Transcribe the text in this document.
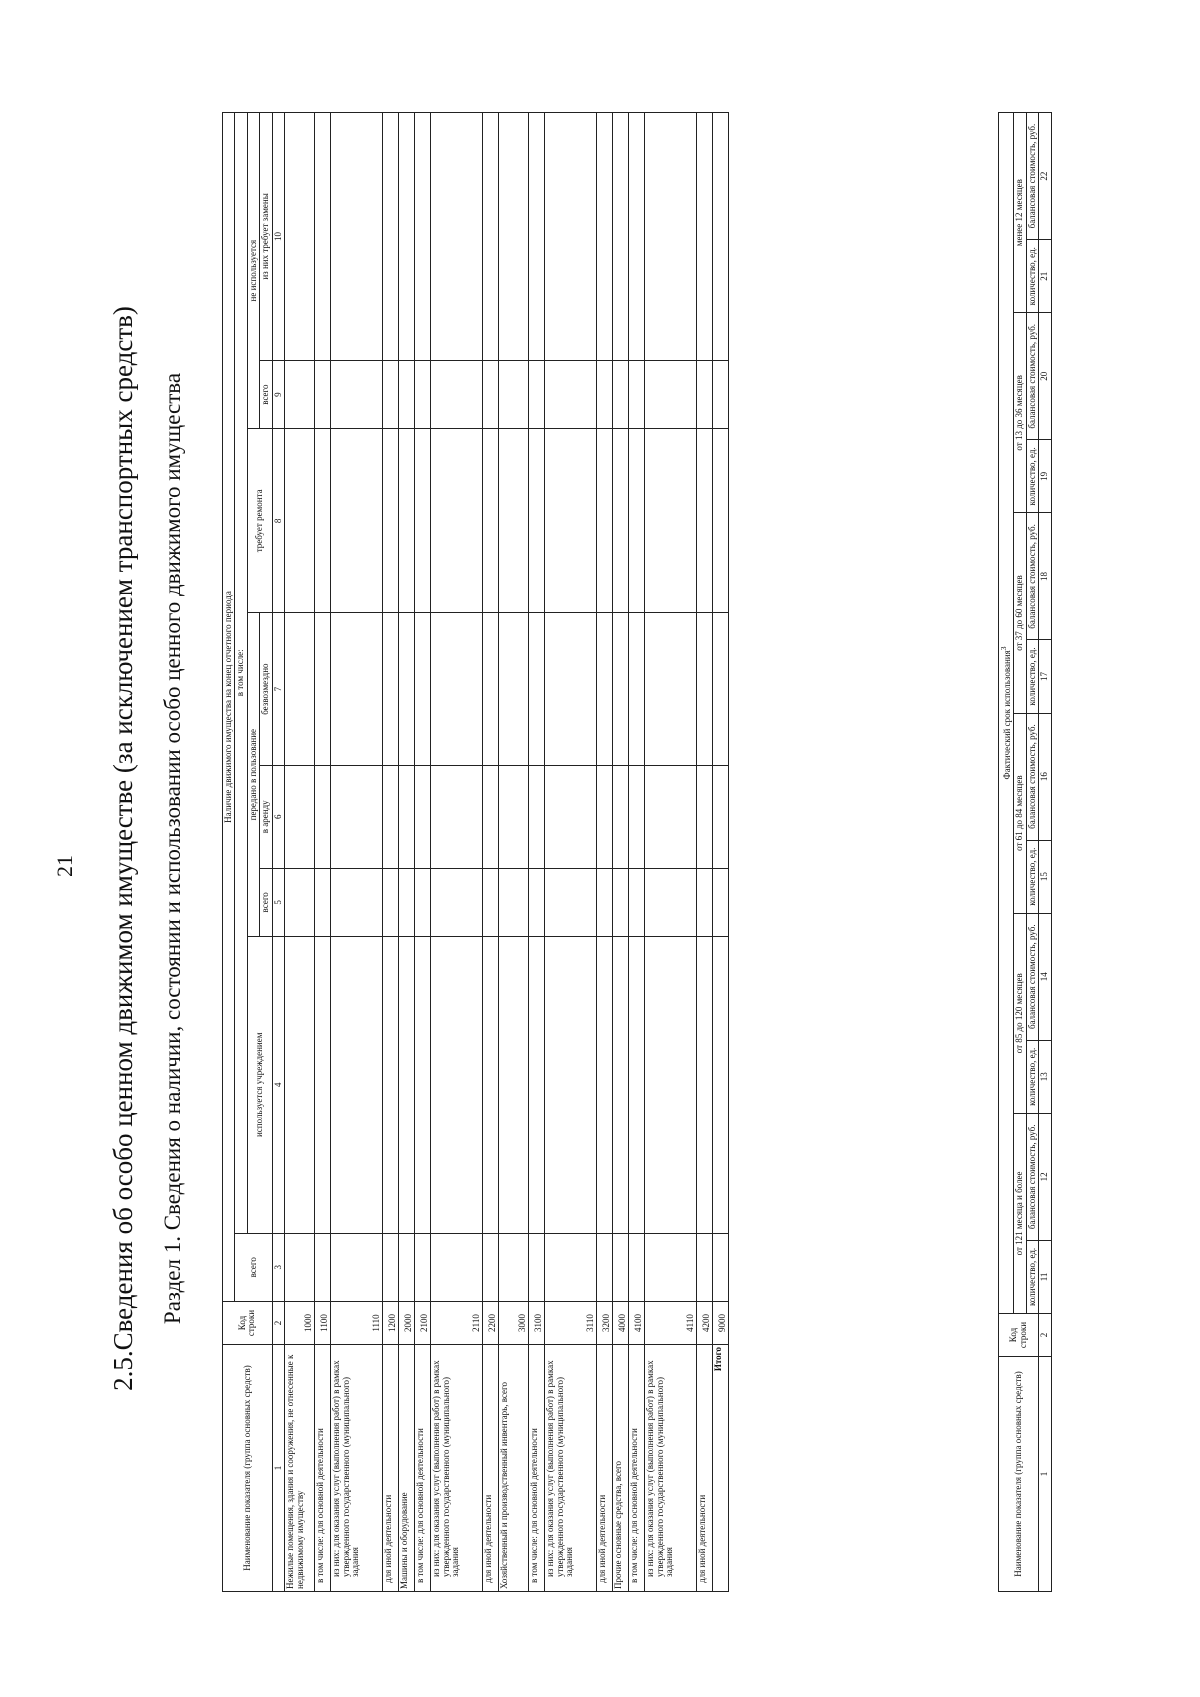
21 2.5.Сведения об особо ценном движимом имуществе (за исключением транспортных средств) Раздел 1. Сведения о наличии, состоянии и использовании особо ценного движимого имущества
Наименование показателя (группа основных средств)	Код строки	Наличие движимого имущества на конец отчетного периода							
		всего	в том числе:						
			используется учреждением	передано в пользование			требует ремонта	не используется	
				всего	в аренду	безвозмездно		всего	из них требует замены
1	2	3	4	5	6	7	8	9	10
Нежилые помещения, здания и сооружения, не отнесенные к недвижимому имуществу	1000								
в том числе: для основной деятельности	1100								
из них: для оказания услуг (выполнения работ) в рамках утвержденного государственного (муниципального) задания	1110								
для иной деятельности	1200								
Машины и оборудование	2000								
в том числе: для основной деятельности	2100								
из них: для оказания услуг (выполнения работ) в рамках утвержденного государственного (муниципального) задания	2110								
для иной деятельности	2200								
Хозяйственный и производственный инвентарь, всего	3000								
в том числе: для основной деятельности	3100								
из них: для оказания услуг (выполнения работ) в рамках утвержденного государственного (муниципального) задания	3110								
для иной деятельности	3200								
Прочие основные средства, всего	4000								
в том числе: для основной деятельности	4100								
из них: для оказания услуг (выполнения работ) в рамках утвержденного государственного (муниципального) задания	4110								
для иной деятельности	4200								
Итого	9000								
Наименование показателя (группа основных средств)	Код строки	Фактический срок использования$^3$
		от 121 месяца и более		от 85 до 120 месяцев		от 61 до 84 месяцев		от 37 до 60 месяцев		от 13 до 36 месяцев		менее 12 месяцев	
		количество, ед.	балансовая стоимость, руб.	количество, ед.	балансовая стоимость, руб.	количество, ед.	балансовая стоимость, руб.	количество, ед.	балансовая стоимость, руб.	количество, ед.	балансовая стоимость, руб.	количество, ед.	балансовая стоимость, руб.
1	2	11	12	13	14	15	16	17	18	19	20	21	22
